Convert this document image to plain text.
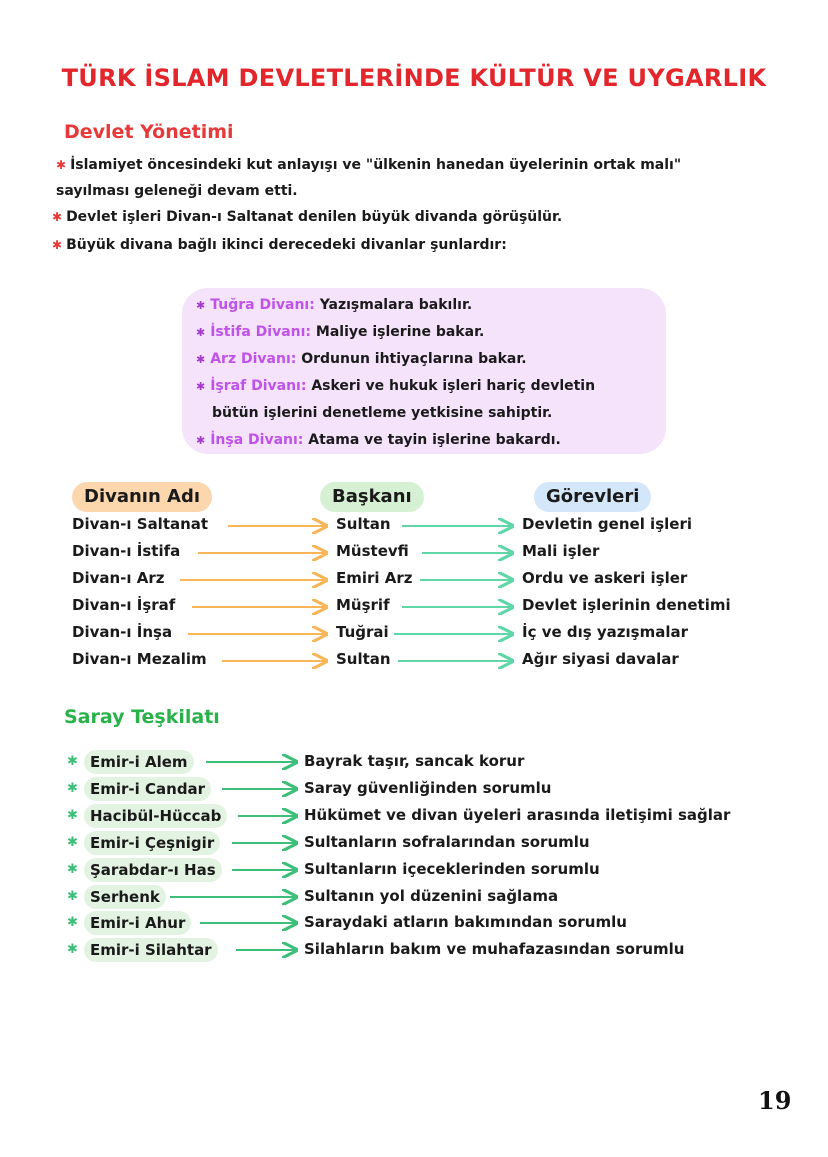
TÜRK İSLAM DEVLETLERİNDE KÜLTÜR VE UYGARLIK
Devlet Yönetimi
✱ İslamiyet öncesindeki kut anlayışı ve "ülkenin hanedan üyelerinin ortak malı" sayılması geleneği devam etti.
✱ Devlet işleri Divan-ı Saltanat denilen büyük divanda görüşülür.
✱ Büyük divana bağlı ikinci derecedeki divanlar şunlardır:
✱ Tuğra Divanı: Yazışmalara bakılır.
✱ İstifa Divanı: Maliye işlerine bakar.
✱ Arz Divanı: Ordunun ihtiyaçlarına bakar.
✱ İşraf Divanı: Askeri ve hukuk işleri hariç devletin
bütün işlerini denetleme yetkisine sahiptir.
✱ İnşa Divanı: Atama ve tayin işlerine bakardı.
Divanın Adı	Başkanı	Görevleri
Divan-ı Saltanat	Sultan	Devletin genel işleri
Divan-ı İstifa	Müstevfi	Mali işler
Divan-ı Arz	Emiri Arz	Ordu ve askeri işler
Divan-ı İşraf	Müşrif	Devlet işlerinin denetimi
Divan-ı İnşa	Tuğrai	İç ve dış yazışmalar
Divan-ı Mezalim	Sultan	Ağır siyasi davalar
Saray Teşkilatı
✱ Emir-i Alem	Bayrak taşır, sancak korur
✱ Emir-i Candar	Saray güvenliğinden sorumlu
✱ Hacibül-Hüccab	Hükümet ve divan üyeleri arasında iletişimi sağlar
✱ Emir-i Çeşnigir	Sultanların sofralarından sorumlu
✱ Şarabdar-ı Has	Sultanların içeceklerinden sorumlu
✱ Serhenk	Sultanın yol düzenini sağlama
✱ Emir-i Ahur	Saraydaki atların bakımından sorumlu
✱ Emir-i Silahtar	Silahların bakım ve muhafazasından sorumlu
19
